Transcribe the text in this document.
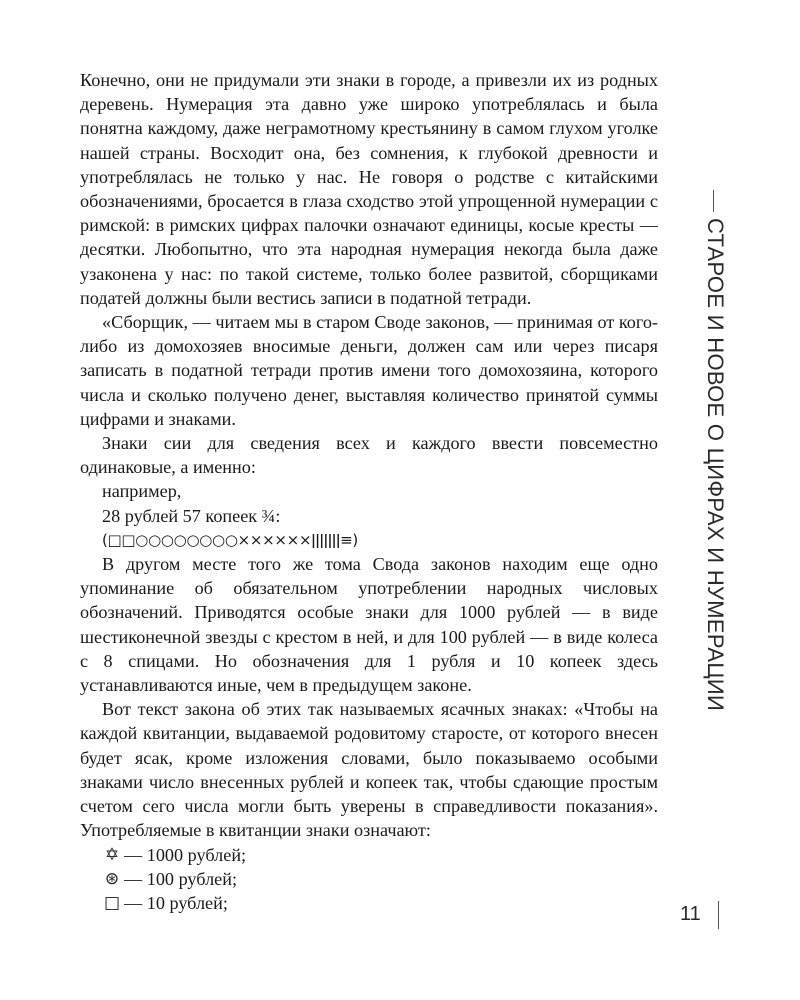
СТАРОЕ И НОВОЕ О ЦИФРАХ И НУМЕРАЦИИ

Конечно, они не придумали эти знаки в городе, а привезли их из родных деревень. Нумерация эта давно уже широко употреблялась и была понятна каждому, даже неграмотному крестьянину в самом глухом уголке нашей страны. Восходит она, без сомнения, к глубокой древности и употреблялась не только у нас. Не говоря о родстве с китайскими обозначениями, бросается в глаза сходство этой упрощенной нумерации с римской: в римских цифрах палочки означают единицы, косые кресты — десятки. Любопытно, что эта народная нумерация некогда была даже узаконена у нас: по такой системе, только более развитой, сборщиками податей должны были вестись записи в податной тетради.

«Сборщик, — читаем мы в старом Своде законов, — принимая от кого-либо из домохозяев вносимые деньги, должен сам или через писаря записать в податной тетради против имени того домохозяина, которого числа и сколько получено денег, выставляя количество принятой суммы цифрами и знаками.

Знаки сии для сведения всех и каждого ввести повсеместно одинаковые, а именно:

например,

28 рублей 57 копеек ¾:

(□□○○○○○○○○××××××ǀǀǀǀǀǀǀ≡)

В другом месте того же тома Свода законов находим еще одно упоминание об обязательном употреблении народных числовых обозначений. Приводятся особые знаки для 1000 рублей — в виде шестиконечной звезды с крестом в ней, и для 100 рублей — в виде колеса с 8 спицами. Но обозначения для 1 рубля и 10 копеек здесь устанавливаются иные, чем в предыдущем законе.

Вот текст закона об этих так называемых ясачных знаках: «Чтобы на каждой квитанции, выдаваемой родовитому старосте, от которого внесен будет ясак, кроме изложения словами, было показываемо особыми знаками число внесенных рублей и копеек так, чтобы сдающие простым счетом сего числа могли быть уверены в справедливости показания». Употребляемые в квитанции знаки означают:

✡ — 1000 рублей;
⊛ — 100 рублей;
□ — 10 рублей;
11
